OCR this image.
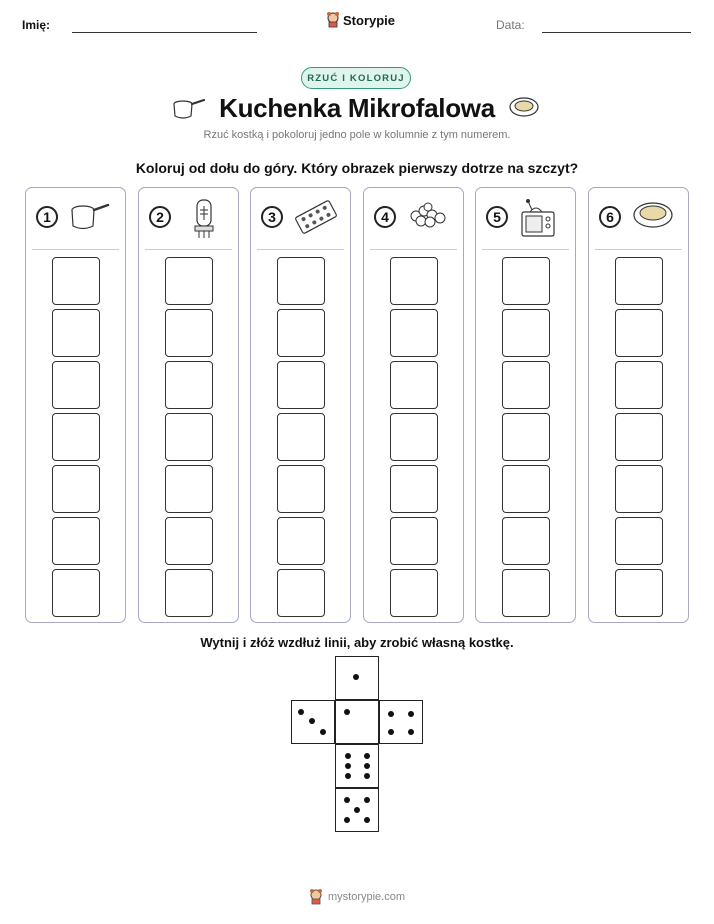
Imię:	Storypie	Data:
RZUĆ I KOLORUJ
Kuchenka Mikrofalowa
Rzuć kostką i pokoloruj jedno pole w kolumnie z tym numerem.
Koloruj od dołu do góry. Który obrazek pierwszy dotrze na szczyt?
1	2	3	4	5	6
Wytnij i złóż wzdłuż linii, aby zrobić własną kostkę.
mystorypie.com
